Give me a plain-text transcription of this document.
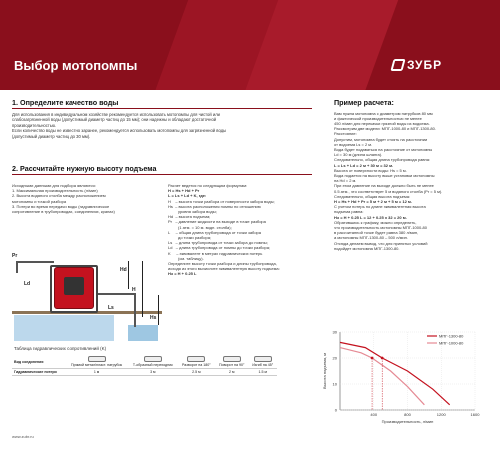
Выбор мотопомпы	ЗУБР
1. Определите качество воды
Для использования в индивидуальном хозяйстве рекомендуется использовать мотопомпы для чистой или
слабозагрязненной воды (допустимый диаметр частиц до 15 мм); они надежны и обладают достаточной
производительностью.
Если количество воды не известно заранее, рекомендуется использовать мотопомпы для загрязненной воды
(допустимый диаметр частиц до 30 мм).
2. Рассчитайте нужную высоту подъема
Исходными данными для подбора являются:
1. Максимальная производительность (л/мин)
2. Высота водяного столба между расположением
мотопомпы и точкой разбора
3. Потери во время передачи воды (гидравлическое
сопротивление в трубопроводах, соединениях, кранах)
Расчет ведется по следующим формулам:
H = Hs + Hd + Pr
L = Ls + Ld + K, где:
H    – высота точки разбора от поверхности забора воды;
Hs  – высота расположения помпы по отношению
уровня забора воды;
Hd  – высота подъема;
Pr   – давление жидкости на выходе в точке разбора
(1 атм. = 10 м. водн. столба);
L     – общая длина трубопровода от точки забора
до точки разбора;
Ls   – длина трубопровода от точки забора до помпы;
Ld   – длина трубопровода от помпы до точки разбора;
K     – эквивалент в метрах гидравлических потерь
(см. таблицу).
Определите высоту точки разбора и длины трубопровода,
исходя из этого вычислите эквивалентную высоту подъема:
Hэ = H + 0.25 L
Pr
Ld
Hd
H
Ls
Hs
Таблица гидравлических сопротивлений (K)
Вид соединения	Прямой метал/пласт. патрубок	Т-образный переходник	Разворот на 180°	Поворот на 90°	Изгиб на 45°
Гидравлические потери	1 м	3 м	2.5 м	2 м	1.5 м
Пример расчета:
Вам нужна мотопомпа с диаметром патрубков 80 мм
и фактической производительностью не менее
450 л/мин для перекачки грязной воды из водоема.
Рассмотрим две модели: МПГ-1000-80 и МПГ-1300-80.
Расстояние:
Допустим, мотопомпа будет стоять на расстоянии
от водоема Ls = 2 м.
Вода будет подаваться на расстояние от мотопомпы
Ld = 30 м (длина шланга).
Следовательно, общая длина трубопровода равна:
L = Ls + Ld = 2 м + 30 м = 32 м.
Высота от поверхности воды: Hs = 5 м.
Вода подается на высоту выше установки мотопомпы
на Hd = 2 м.
При этом давление на выходе должно быть не менее
0.5 атм., что соответствует 5 м водяного столба (Pr = 5 м).
Следовательно, общая высота подъема:
H = Hs + Hd + Pr = 5 м + 2 м + 5 м = 12 м.
С учетом потерь по длине эквивалентная высота
подъема равна:
Hэ = H + 0.25 L = 12 + 0.25 x 32 = 20 м.
Обратившись к графику, можно определить,
что производительность мотопомпы МПГ-1000-80
в рассчитанной точке будет равна 380 л/мин,
а мотопомпы МПГ-1300-80 – 500 л/мин.
Отсюда делаем вывод, что для принятых условий
подойдет мотопомпа МПГ-1300-80.
0
10
20
30
400	800	1200	1600
Производительность, л/мин
Высота подъема, м
МПГ-1300-80
МПГ-1000-80
www.zubr.ru
